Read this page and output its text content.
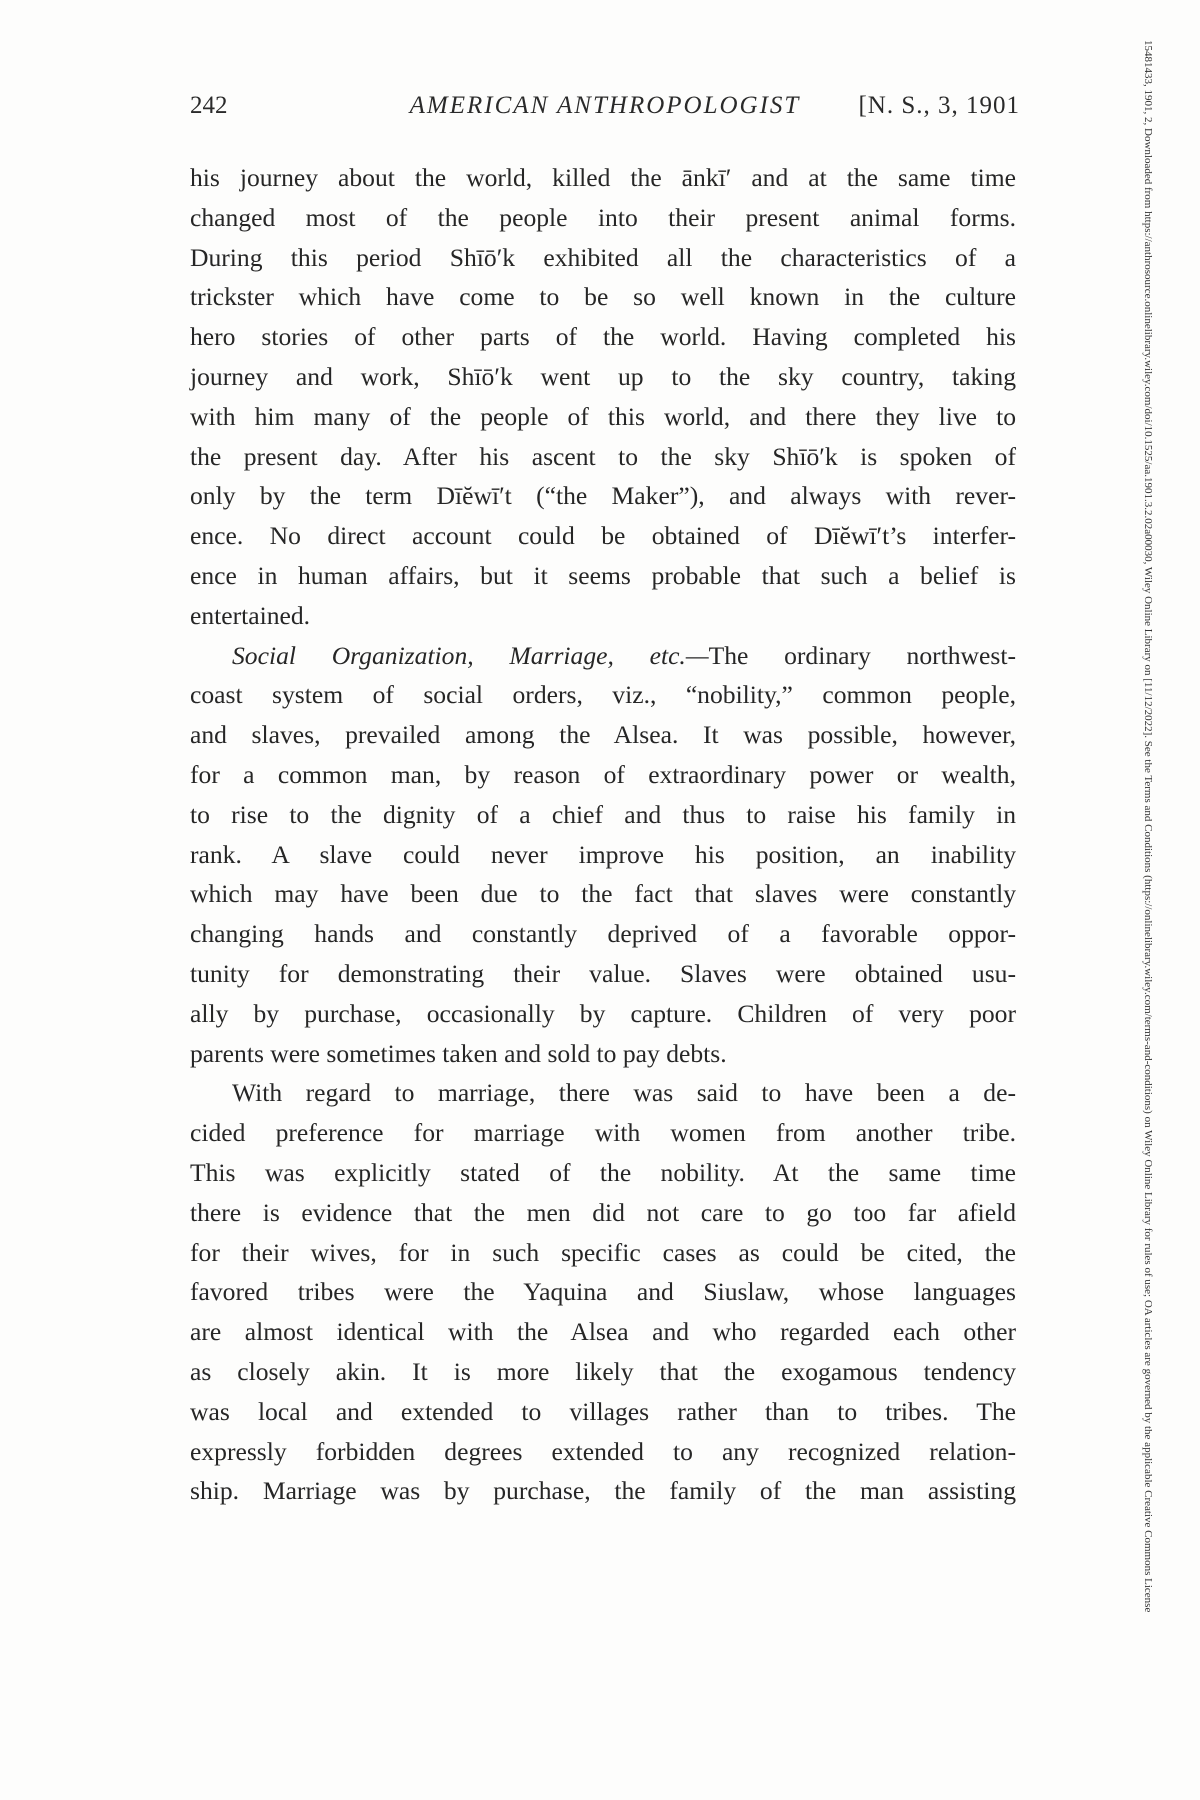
242	AMERICAN ANTHROPOLOGIST	[N. S., 3, 1901
his journey about the world, killed the ānkī′ and at the same time
changed most of the people into their present animal forms.
During this period Shīō′k exhibited all the characteristics of a
trickster which have come to be so well known in the culture
hero stories of other parts of the world. Having completed his
journey and work, Shīō′k went up to the sky country, taking
with him many of the people of this world, and there they live to
the present day. After his ascent to the sky Shīō′k is spoken of
only by the term Dīĕwī′t (“the Maker”), and always with rever-
ence. No direct account could be obtained of Dīĕwī′t’s interfer-
ence in human affairs, but it seems probable that such a belief is
entertained.
Social Organization, Marriage, etc.—The ordinary northwest-
coast system of social orders, viz., “nobility,” common people,
and slaves, prevailed among the Alsea. It was possible, however,
for a common man, by reason of extraordinary power or wealth,
to rise to the dignity of a chief and thus to raise his family in
rank. A slave could never improve his position, an inability
which may have been due to the fact that slaves were constantly
changing hands and constantly deprived of a favorable oppor-
tunity for demonstrating their value. Slaves were obtained usu-
ally by purchase, occasionally by capture. Children of very poor
parents were sometimes taken and sold to pay debts.
With regard to marriage, there was said to have been a de-
cided preference for marriage with women from another tribe.
This was explicitly stated of the nobility. At the same time
there is evidence that the men did not care to go too far afield
for their wives, for in such specific cases as could be cited, the
favored tribes were the Yaquina and Siuslaw, whose languages
are almost identical with the Alsea and who regarded each other
as closely akin. It is more likely that the exogamous tendency
was local and extended to villages rather than to tribes. The
expressly forbidden degrees extended to any recognized relation-
ship. Marriage was by purchase, the family of the man assisting	15481433, 1901, 2, Downloaded from https://anthrosource.onlinelibrary.wiley.com/doi/10.1525/aa.1901.3.2.02a00030, Wiley Online Library on [11/12/2022]. See the Terms and Conditions (https://onlinelibrary.wiley.com/terms-and-conditions) on Wiley Online Library for rules of use; OA articles are governed by the applicable Creative Commons License
